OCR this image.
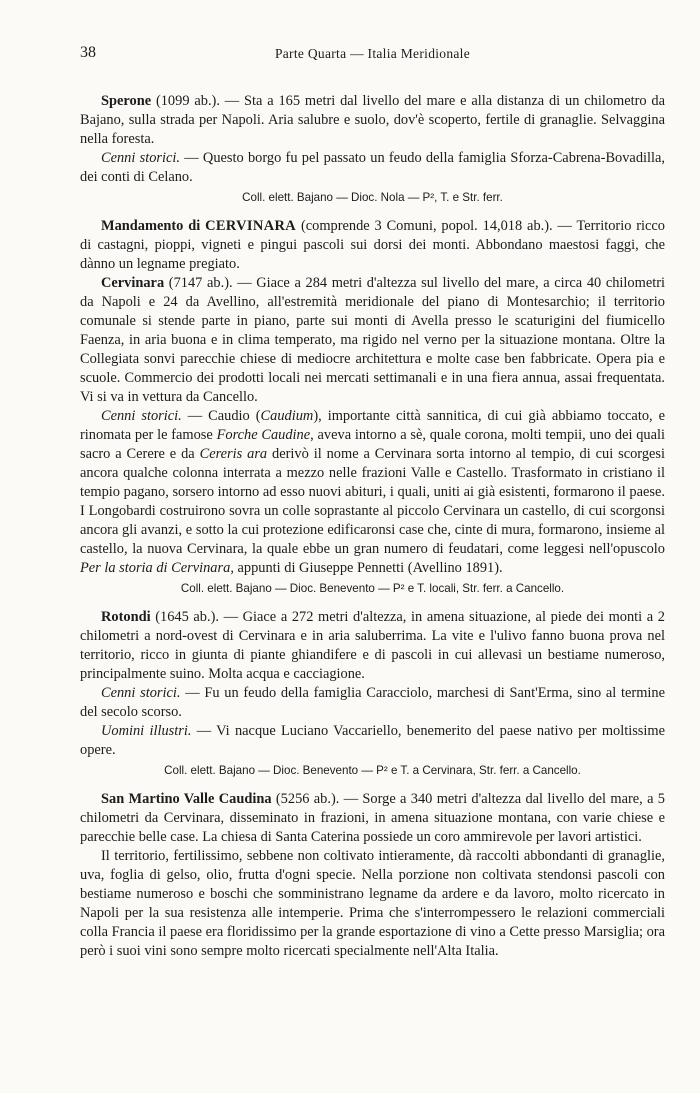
38	Parte Quarta — Italia Meridionale

Sperone (1099 ab.). — Sta a 165 metri dal livello del mare e alla distanza di un chilometro da Bajano, sulla strada per Napoli. Aria salubre e suolo, dov'è scoperto, fertile di granaglie. Selvaggina nella foresta.

Cenni storici. — Questo borgo fu pel passato un feudo della famiglia Sforza-Cabrena-Bovadilla, dei conti di Celano.

Coll. elett. Bajano — Dioc. Nola — P², T. e Str. ferr.

Mandamento di CERVINARA (comprende 3 Comuni, popol. 14,018 ab.). — Territorio ricco di castagni, pioppi, vigneti e pingui pascoli sui dorsi dei monti. Abbondano maestosi faggi, che dànno un legname pregiato.

Cervinara (7147 ab.). — Giace a 284 metri d'altezza sul livello del mare, a circa 40 chilometri da Napoli e 24 da Avellino, all'estremità meridionale del piano di Montesarchio; il territorio comunale si stende parte in piano, parte sui monti di Avella presso le scaturigini del fiumicello Faenza, in aria buona e in clima temperato, ma rigido nel verno per la situazione montana. Oltre la Collegiata sonvi parecchie chiese di mediocre architettura e molte case ben fabbricate. Opera pia e scuole. Commercio dei prodotti locali nei mercati settimanali e in una fiera annua, assai frequentata. Vi si va in vettura da Cancello.

Cenni storici. — Caudio (Caudium), importante città sannitica, di cui già abbiamo toccato, e rinomata per le famose Forche Caudine, aveva intorno a sè, quale corona, molti tempii, uno dei quali sacro a Cerere e da Cereris ara derivò il nome a Cervinara sorta intorno al tempio, di cui scorgesi ancora qualche colonna interrata a mezzo nelle frazioni Valle e Castello. Trasformato in cristiano il tempio pagano, sorsero intorno ad esso nuovi abituri, i quali, uniti ai già esistenti, formarono il paese. I Longobardi costruirono sovra un colle soprastante al piccolo Cervinara un castello, di cui scorgonsi ancora gli avanzi, e sotto la cui protezione edificaronsi case che, cinte di mura, formarono, insieme al castello, la nuova Cervinara, la quale ebbe un gran numero di feudatari, come leggesi nell'opuscolo Per la storia di Cervinara, appunti di Giuseppe Pennetti (Avellino 1891).

Coll. elett. Bajano — Dioc. Benevento — P² e T. locali, Str. ferr. a Cancello.

Rotondi (1645 ab.). — Giace a 272 metri d'altezza, in amena situazione, al piede dei monti a 2 chilometri a nord-ovest di Cervinara e in aria saluberrima. La vite e l'ulivo fanno buona prova nel territorio, ricco in giunta di piante ghiandifere e di pascoli in cui allevasi un bestiame numeroso, principalmente suino. Molta acqua e cacciagione.

Cenni storici. — Fu un feudo della famiglia Caracciolo, marchesi di Sant'Erma, sino al termine del secolo scorso.

Uomini illustri. — Vi nacque Luciano Vaccariello, benemerito del paese nativo per moltissime opere.

Coll. elett. Bajano — Dioc. Benevento — P² e T. a Cervinara, Str. ferr. a Cancello.

San Martino Valle Caudina (5256 ab.). — Sorge a 340 metri d'altezza dal livello del mare, a 5 chilometri da Cervinara, disseminato in frazioni, in amena situazione montana, con varie chiese e parecchie belle case. La chiesa di Santa Caterina possiede un coro ammirevole per lavori artistici.

Il territorio, fertilissimo, sebbene non coltivato intieramente, dà raccolti abbondanti di granaglie, uva, foglia di gelso, olio, frutta d'ogni specie. Nella porzione non coltivata stendonsi pascoli con bestiame numeroso e boschi che somministrano legname da ardere e da lavoro, molto ricercato in Napoli per la sua resistenza alle intemperie. Prima che s'interrompessero le relazioni commerciali colla Francia il paese era floridissimo per la grande esportazione di vino a Cette presso Marsiglia; ora però i suoi vini sono sempre molto ricercati specialmente nell'Alta Italia.
